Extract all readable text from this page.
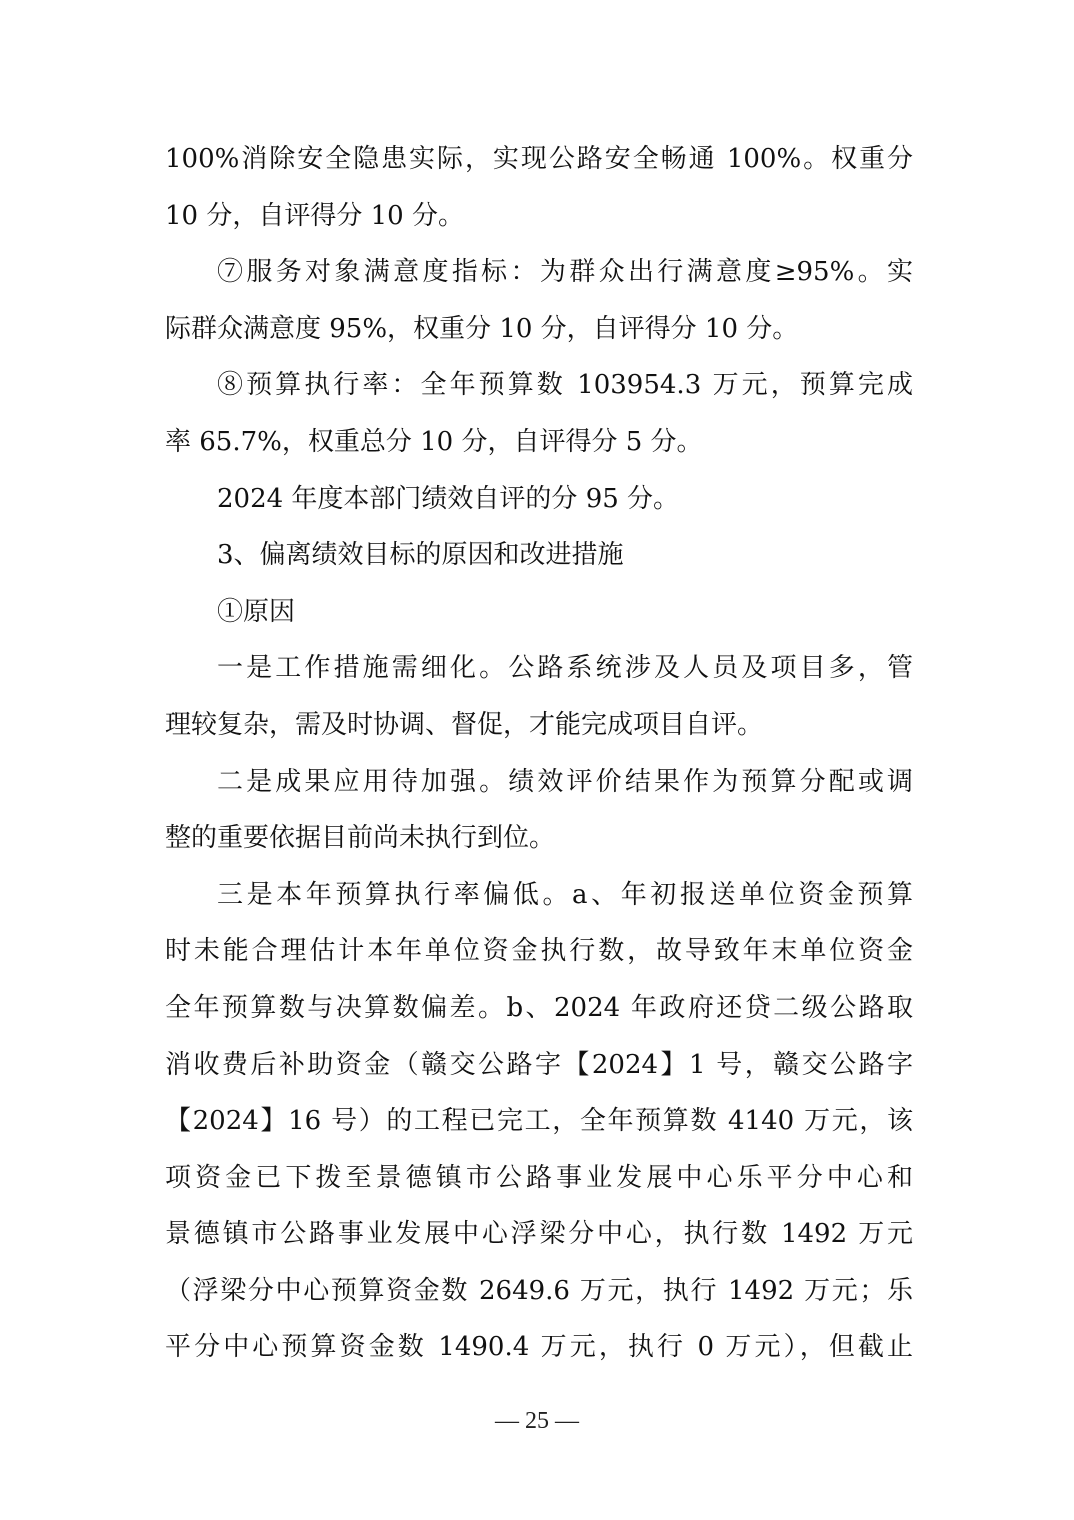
100%消除安全隐患实际，实现公路安全畅通 100%。权重分
10 分，自评得分 10 分。
⑦服务对象满意度指标：为群众出行满意度≥95%。实
际群众满意度 95%，权重分 10 分，自评得分 10 分。
⑧预算执行率：全年预算数 103954.3 万元，预算完成
率 65.7%，权重总分 10 分，自评得分 5 分。
2024 年度本部门绩效自评的分 95 分。
3、偏离绩效目标的原因和改进措施
①原因
一是工作措施需细化。公路系统涉及人员及项目多，管
理较复杂，需及时协调、督促，才能完成项目自评。
二是成果应用待加强。绩效评价结果作为预算分配或调
整的重要依据目前尚未执行到位。
三是本年预算执行率偏低。a、年初报送单位资金预算
时未能合理估计本年单位资金执行数，故导致年末单位资金
全年预算数与决算数偏差。b、2024 年政府还贷二级公路取
消收费后补助资金（赣交公路字【2024】1 号，赣交公路字
【2024】16 号）的工程已完工，全年预算数 4140 万元，该
项资金已下拨至景德镇市公路事业发展中心乐平分中心和
景德镇市公路事业发展中心浮梁分中心，执行数 1492 万元
（浮梁分中心预算资金数 2649.6 万元，执行 1492 万元；乐
平分中心预算资金数 1490.4 万元，执行 0 万元），但截止
— 25 —
